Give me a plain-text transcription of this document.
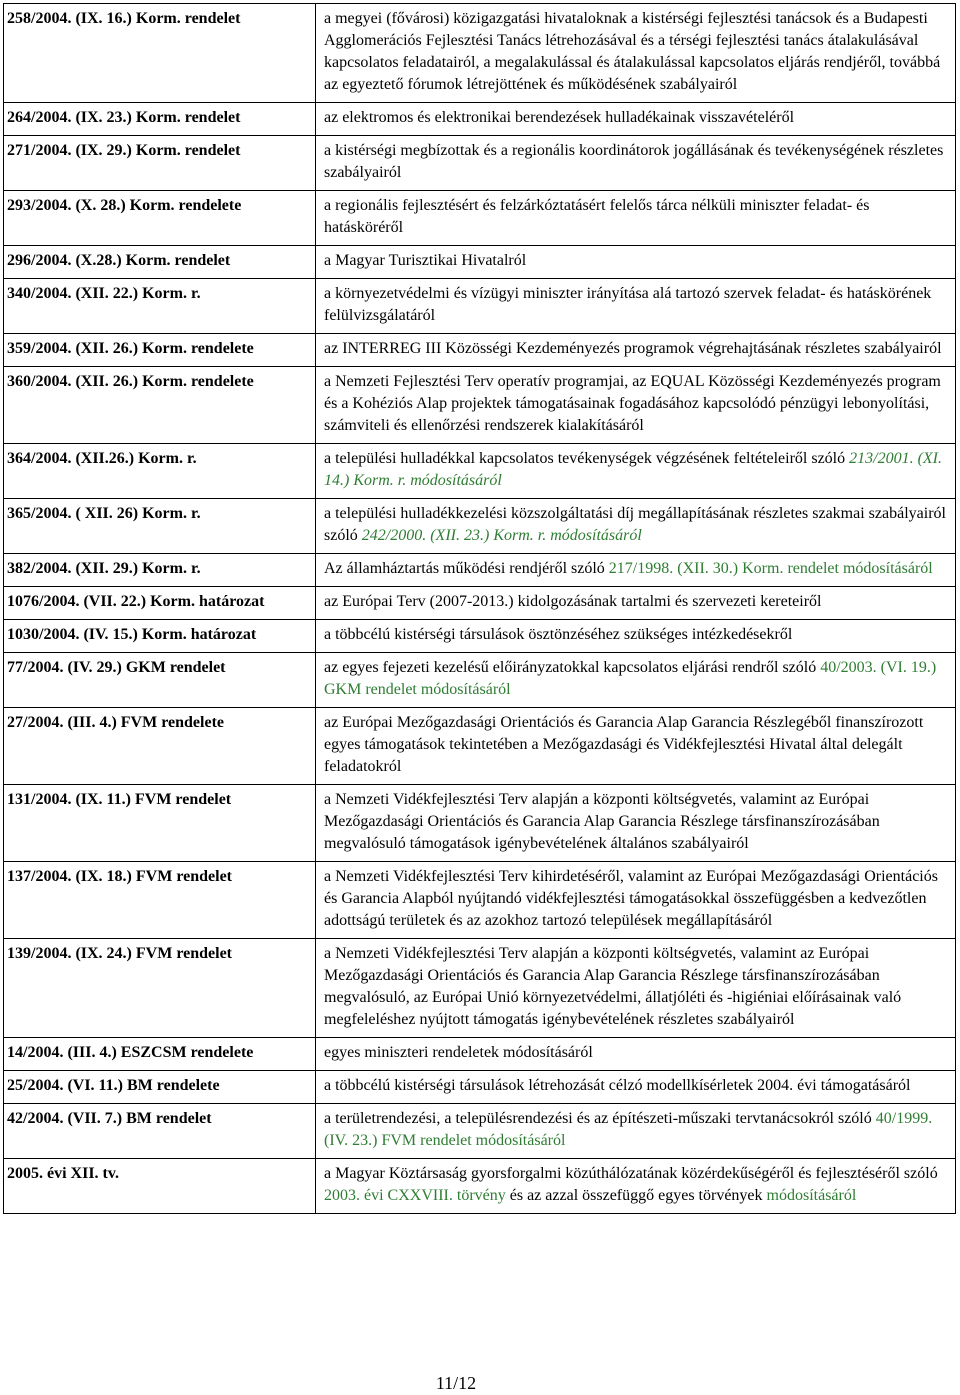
258/2004. (IX. 16.) Korm. rendelet	a megyei (fővárosi) közigazgatási hivataloknak a kistérségi fejlesztési tanácsok és a Budapesti Agglomerációs Fejlesztési Tanács létrehozásával és a térségi fejlesztési tanács átalakulásával kapcsolatos feladatairól, a megalakulással és átalakulással kapcsolatos eljárás rendjéről, továbbá az egyeztető fórumok létrejöttének és működésének szabályairól
264/2004. (IX. 23.) Korm. rendelet	az elektromos és elektronikai berendezések hulladékainak visszavételéről
271/2004. (IX. 29.) Korm. rendelet	a kistérségi megbízottak és a regionális koordinátorok jogállásának és tevékenységének részletes szabályairól
293/2004. (X. 28.) Korm. rendelete	a regionális fejlesztésért és felzárkóztatásért felelős tárca nélküli miniszter feladat- és hatásköréről
296/2004. (X.28.) Korm. rendelet	a Magyar Turisztikai Hivatalról
340/2004. (XII. 22.) Korm. r.	a környezetvédelmi és vízügyi miniszter irányítása alá tartozó szervek feladat- és hatáskörének felülvizsgálatáról
359/2004. (XII. 26.) Korm. rendelete	az INTERREG III Közösségi Kezdeményezés programok végrehajtásának részletes szabályairól
360/2004. (XII. 26.) Korm. rendelete	a Nemzeti Fejlesztési Terv operatív programjai, az EQUAL Közösségi Kezdeményezés program és a Kohéziós Alap projektek támogatásainak fogadásához kapcsolódó pénzügyi lebonyolítási, számviteli és ellenőrzési rendszerek kialakításáról
364/2004. (XII.26.) Korm. r.	a települési hulladékkal kapcsolatos tevékenységek végzésének feltételeiről szóló 213/2001. (XI. 14.) Korm. r. módosításáról
365/2004. ( XII. 26) Korm. r.	a települési hulladékkezelési közszolgáltatási díj megállapításának részletes szakmai szabályairól szóló 242/2000. (XII. 23.) Korm. r. módosításáról
382/2004. (XII. 29.) Korm. r.	Az államháztartás működési rendjéről szóló 217/1998. (XII. 30.) Korm. rendelet módosításáról
1076/2004. (VII. 22.) Korm. határozat	az Európai Terv (2007-2013.) kidolgozásának tartalmi és szervezeti kereteiről
1030/2004. (IV. 15.) Korm. határozat	a többcélú kistérségi társulások ösztönzéséhez szükséges intézkedésekről
77/2004. (IV. 29.) GKM rendelet	az egyes fejezeti kezelésű előirányzatokkal kapcsolatos eljárási rendről szóló 40/2003. (VI. 19.) GKM rendelet módosításáról
27/2004. (III. 4.) FVM rendelete	az Európai Mezőgazdasági Orientációs és Garancia Alap Garancia Részlegéből finanszírozott egyes támogatások tekintetében a Mezőgazdasági és Vidékfejlesztési Hivatal által delegált feladatokról
131/2004. (IX. 11.) FVM rendelet	a Nemzeti Vidékfejlesztési Terv alapján a központi költségvetés, valamint az Európai Mezőgazdasági Orientációs és Garancia Alap Garancia Részlege társfinanszírozásában megvalósuló támogatások igénybevételének általános szabályairól
137/2004. (IX. 18.) FVM rendelet	a Nemzeti Vidékfejlesztési Terv kihirdetéséről, valamint az Európai Mezőgazdasági Orientációs és Garancia Alapból nyújtandó vidékfejlesztési támogatásokkal összefüggésben a kedvezőtlen adottságú területek és az azokhoz tartozó települések megállapításáról
139/2004. (IX. 24.) FVM rendelet	a Nemzeti Vidékfejlesztési Terv alapján a központi költségvetés, valamint az Európai Mezőgazdasági Orientációs és Garancia Alap Garancia Részlege társfinanszírozásában megvalósuló, az Európai Unió környezetvédelmi, állatjóléti és -higiéniai előírásainak való megfeleléshez nyújtott támogatás igénybevételének részletes szabályairól
14/2004. (III. 4.) ESZCSM rendelete	egyes miniszteri rendeletek módosításáról
25/2004. (VI. 11.) BM rendelete	a többcélú kistérségi társulások létrehozását célzó modellkísérletek 2004. évi támogatásáról
42/2004. (VII. 7.) BM rendelet	a területrendezési, a településrendezési és az építészeti-műszaki tervtanácsokról szóló 40/1999. (IV. 23.) FVM rendelet módosításáról
2005. évi XII. tv.	a Magyar Köztársaság gyorsforgalmi közúthálózatának közérdekűségéről és fejlesztéséről szóló 2003. évi CXXVIII. törvény és az azzal összefüggő egyes törvények módosításáról
11/12
